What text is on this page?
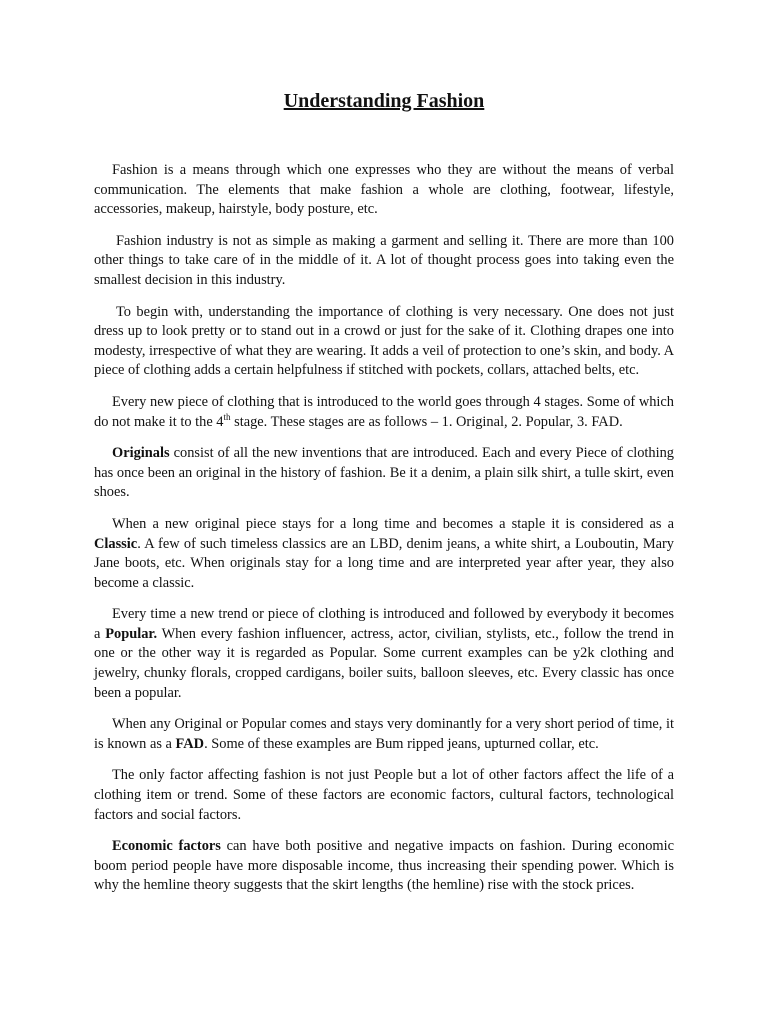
Understanding Fashion

Fashion is a means through which one expresses who they are without the means of verbal communication. The elements that make fashion a whole are clothing, footwear, lifestyle, accessories, makeup, hairstyle, body posture, etc.

Fashion industry is not as simple as making a garment and selling it. There are more than 100 other things to take care of in the middle of it. A lot of thought process goes into taking even the smallest decision in this industry.

To begin with, understanding the importance of clothing is very necessary. One does not just dress up to look pretty or to stand out in a crowd or just for the sake of it. Clothing drapes one into modesty, irrespective of what they are wearing. It adds a veil of protection to one’s skin, and body. A piece of clothing adds a certain helpfulness if stitched with pockets, collars, attached belts, etc.

Every new piece of clothing that is introduced to the world goes through 4 stages. Some of which do not make it to the 4th stage. These stages are as follows – 1. Original, 2. Popular, 3. FAD.

Originals consist of all the new inventions that are introduced. Each and every Piece of clothing has once been an original in the history of fashion. Be it a denim, a plain silk shirt, a tulle skirt, even shoes.

When a new original piece stays for a long time and becomes a staple it is considered as a Classic. A few of such timeless classics are an LBD, denim jeans, a white shirt, a Louboutin, Mary Jane boots, etc. When originals stay for a long time and are interpreted year after year, they also become a classic.

Every time a new trend or piece of clothing is introduced and followed by everybody it becomes a Popular. When every fashion influencer, actress, actor, civilian, stylists, etc., follow the trend in one or the other way it is regarded as Popular. Some current examples can be y2k clothing and jewelry, chunky florals, cropped cardigans, boiler suits, balloon sleeves, etc. Every classic has once been a popular.

When any Original or Popular comes and stays very dominantly for a very short period of time, it is known as a FAD. Some of these examples are Bum ripped jeans, upturned collar, etc.

The only factor affecting fashion is not just People but a lot of other factors affect the life of a clothing item or trend. Some of these factors are economic factors, cultural factors, technological factors and social factors.

Economic factors can have both positive and negative impacts on fashion. During economic boom period people have more disposable income, thus increasing their spending power. Which is why the hemline theory suggests that the skirt lengths (the hemline) rise with the stock prices.
